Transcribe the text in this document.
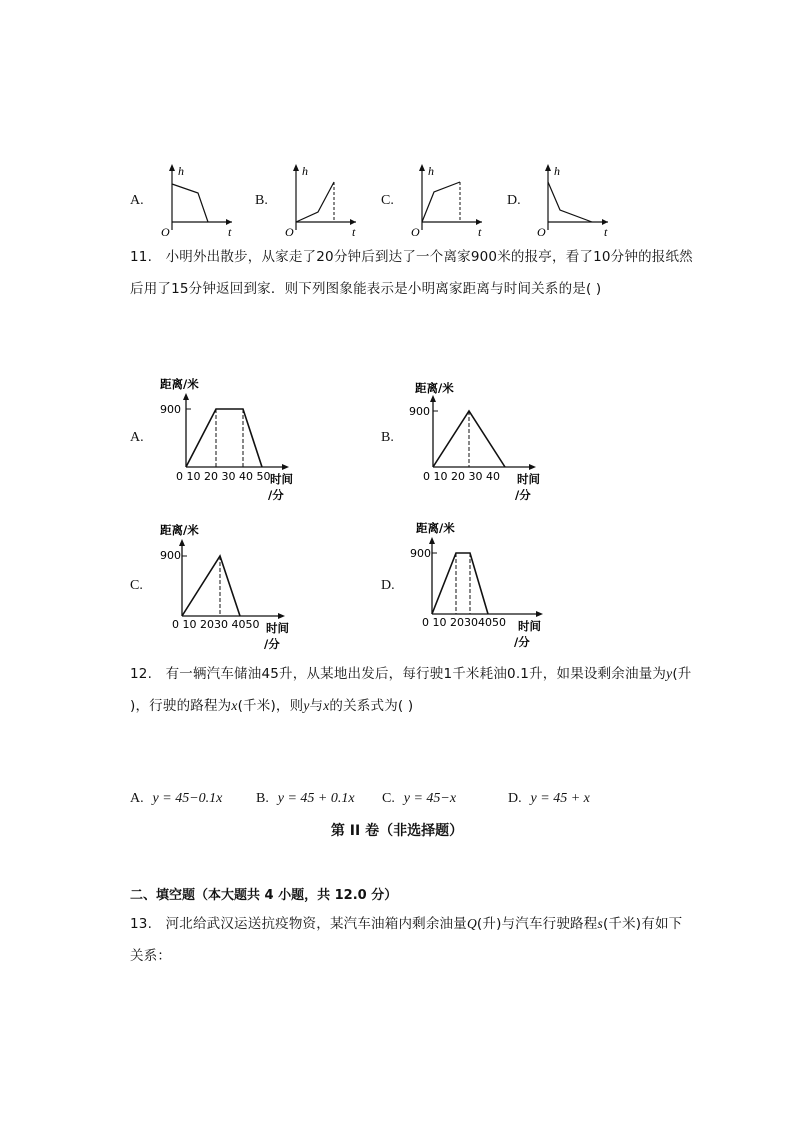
A.
h
t
O
B.
h
t
O
C.
h
t
O
D.
h
t
O
11. 小明外出散步，从家走了20分钟后到达了一个离家900米的报亭，看了10分钟的报纸然
后用了15分钟返回到家．则下列图象能表示是小明离家距离与时间关系的是( )
A.
距离/米
900
0 10 20 30 40 50 时间
/分
B.
距离/米
900
0 10 20 30 40 时间
/分
C.
距离/米
900
0 10 2030 4050 时间
/分
D.
距离/米
900
0 10 20304050 时间
/分
12. 有一辆汽车储油45升，从某地出发后，每行驶1千米耗油0.1升，如果设剩余油量为y(升
)，行驶的路程为x(千米)，则y与x的关系式为( )
A. y = 45−0.1x B. y = 45 + 0.1x C. y = 45−x	D. y = 45 + x
第 II 卷（非选择题）
二、填空题（本大题共 4 小题，共 12.0 分）
13. 河北给武汉运送抗疫物资，某汽车油箱内剩余油量Q(升)与汽车行驶路程s(千米)有如下
关系：
